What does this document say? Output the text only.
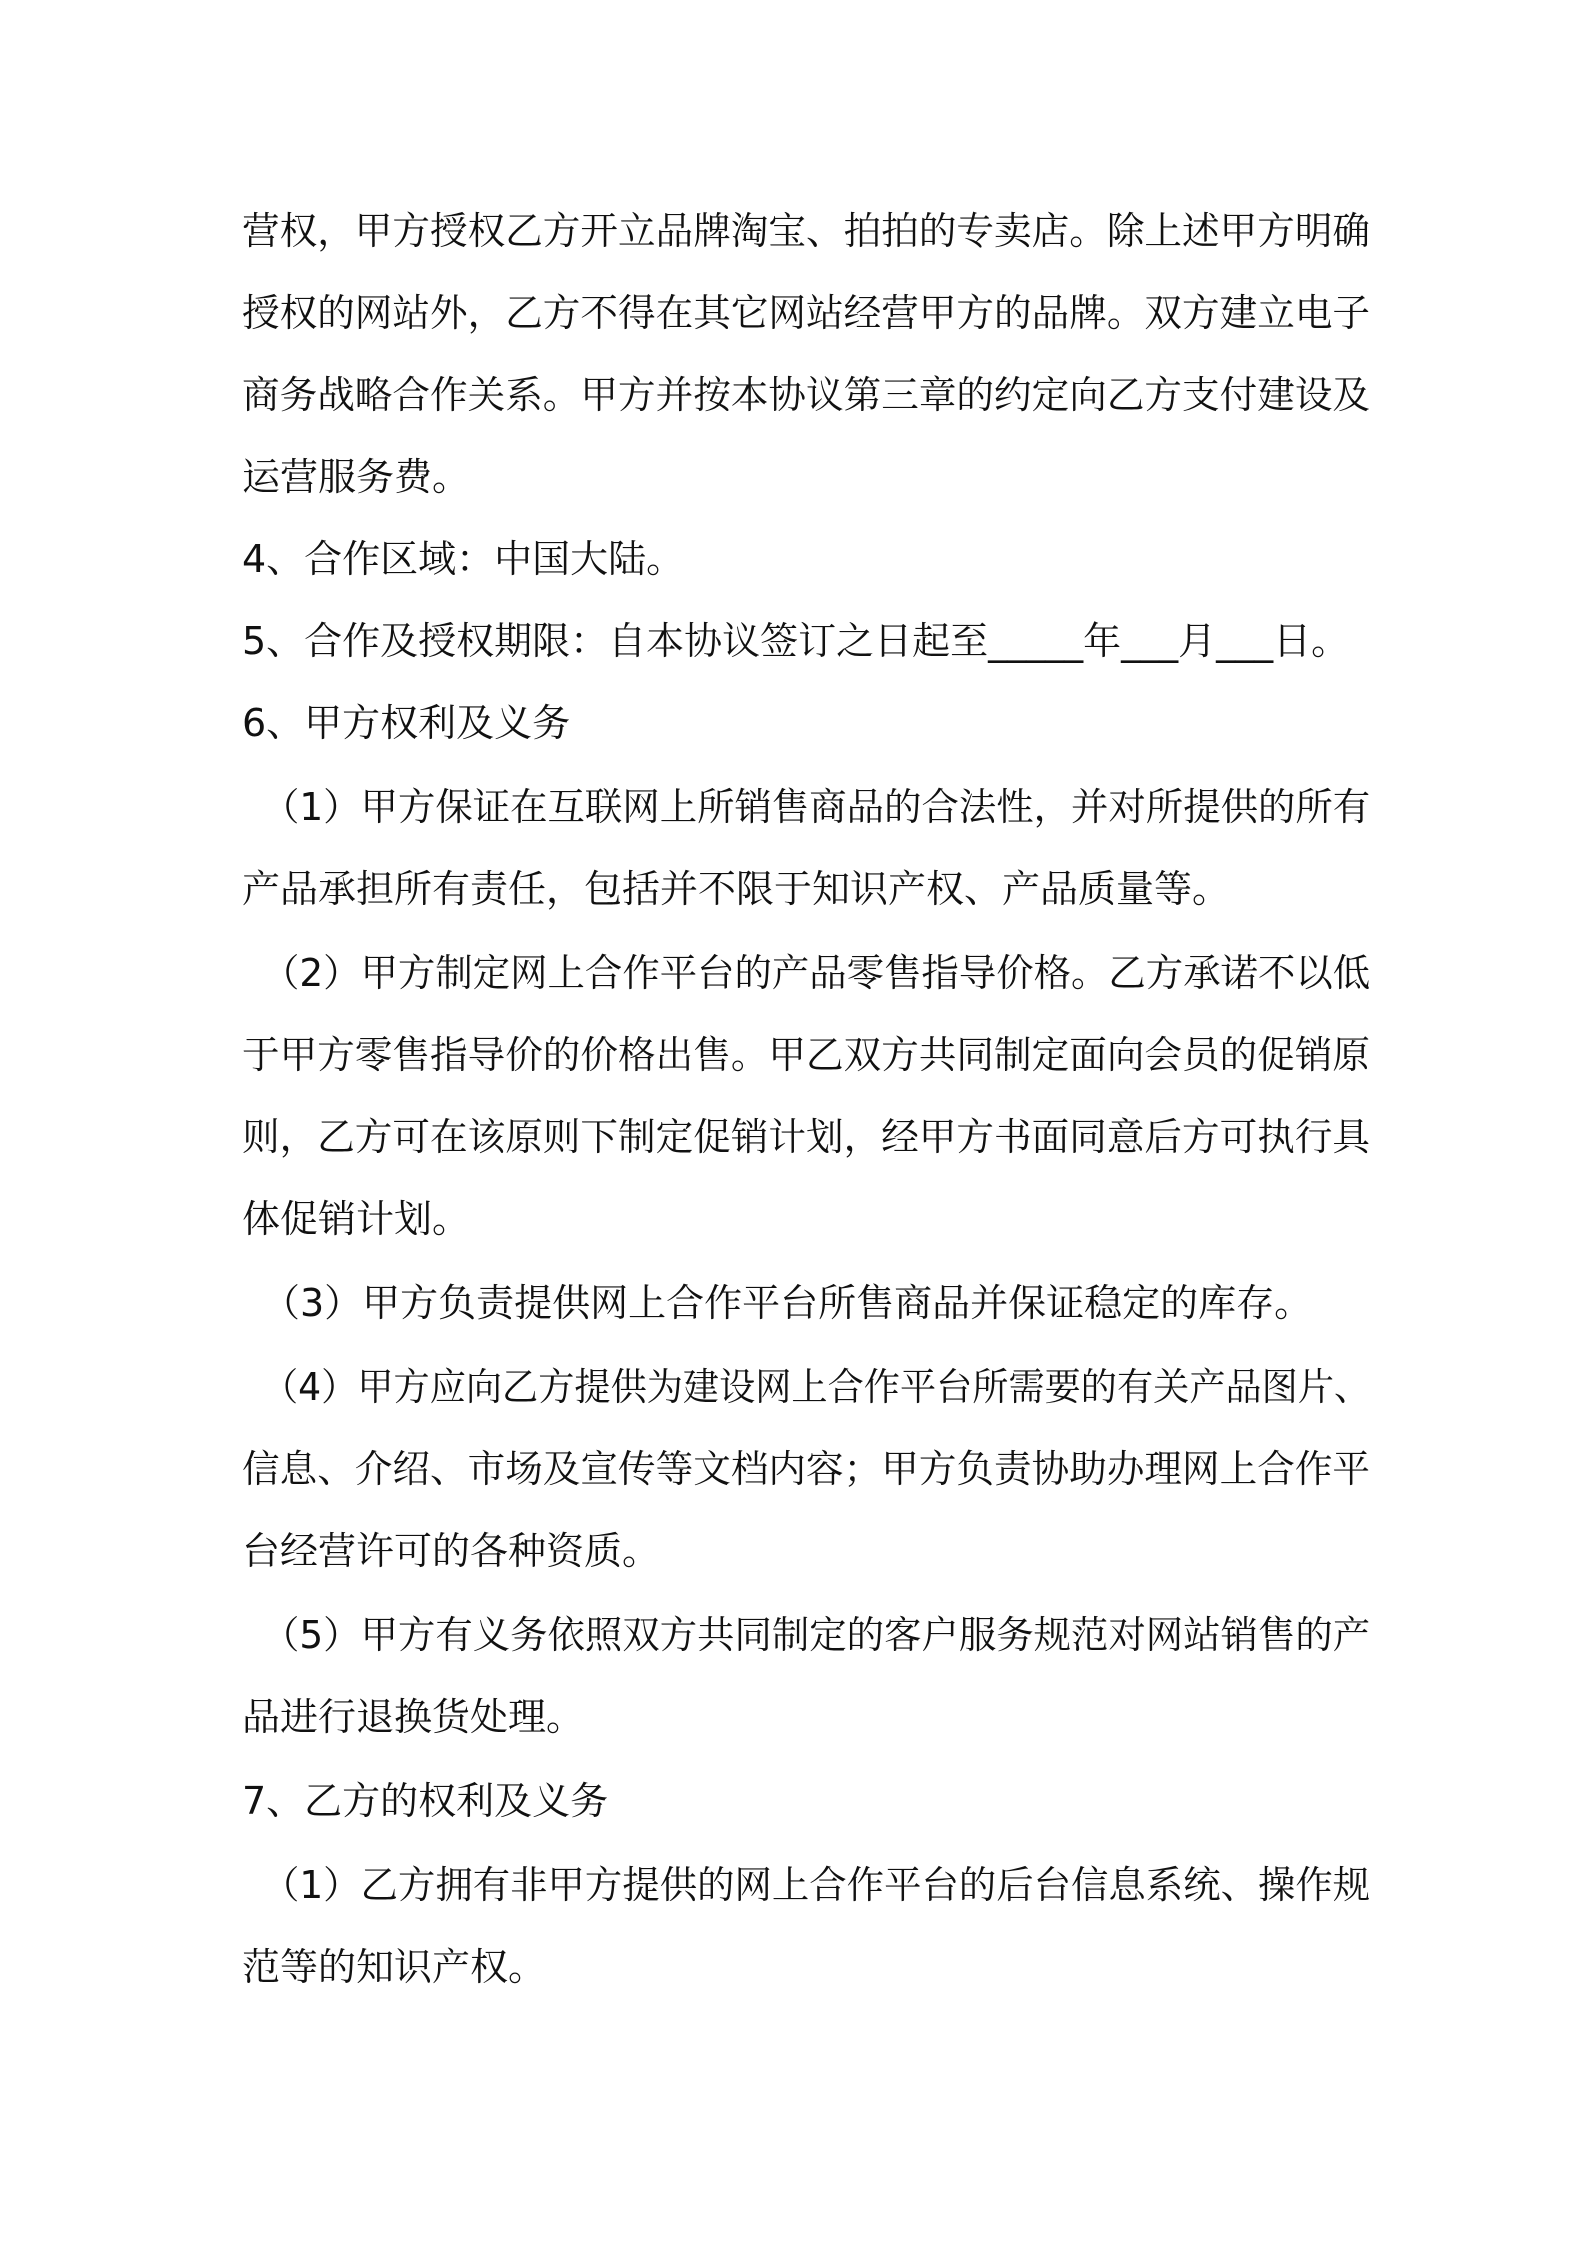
营权，甲方授权乙方开立品牌淘宝、拍拍的专卖店。除上述甲方明确
授权的网站外，乙方不得在其它网站经营甲方的品牌。双方建立电子
商务战略合作关系。甲方并按本协议第三章的约定向乙方支付建设及
运营服务费。
4、合作区域：中国大陆。
5、合作及授权期限：自本协议签订之日起至_____年___月___日。
6、甲方权利及义务
（1）甲方保证在互联网上所销售商品的合法性，并对所提供的所有
产品承担所有责任，包括并不限于知识产权、产品质量等。
（2）甲方制定网上合作平台的产品零售指导价格。乙方承诺不以低
于甲方零售指导价的价格出售。甲乙双方共同制定面向会员的促销原
则，乙方可在该原则下制定促销计划，经甲方书面同意后方可执行具
体促销计划。
（3）甲方负责提供网上合作平台所售商品并保证稳定的库存。
（4）甲方应向乙方提供为建设网上合作平台所需要的有关产品图片、
信息、介绍、市场及宣传等文档内容；甲方负责协助办理网上合作平
台经营许可的各种资质。
（5）甲方有义务依照双方共同制定的客户服务规范对网站销售的产
品进行退换货处理。
7、乙方的权利及义务
（1）乙方拥有非甲方提供的网上合作平台的后台信息系统、操作规
范等的知识产权。
